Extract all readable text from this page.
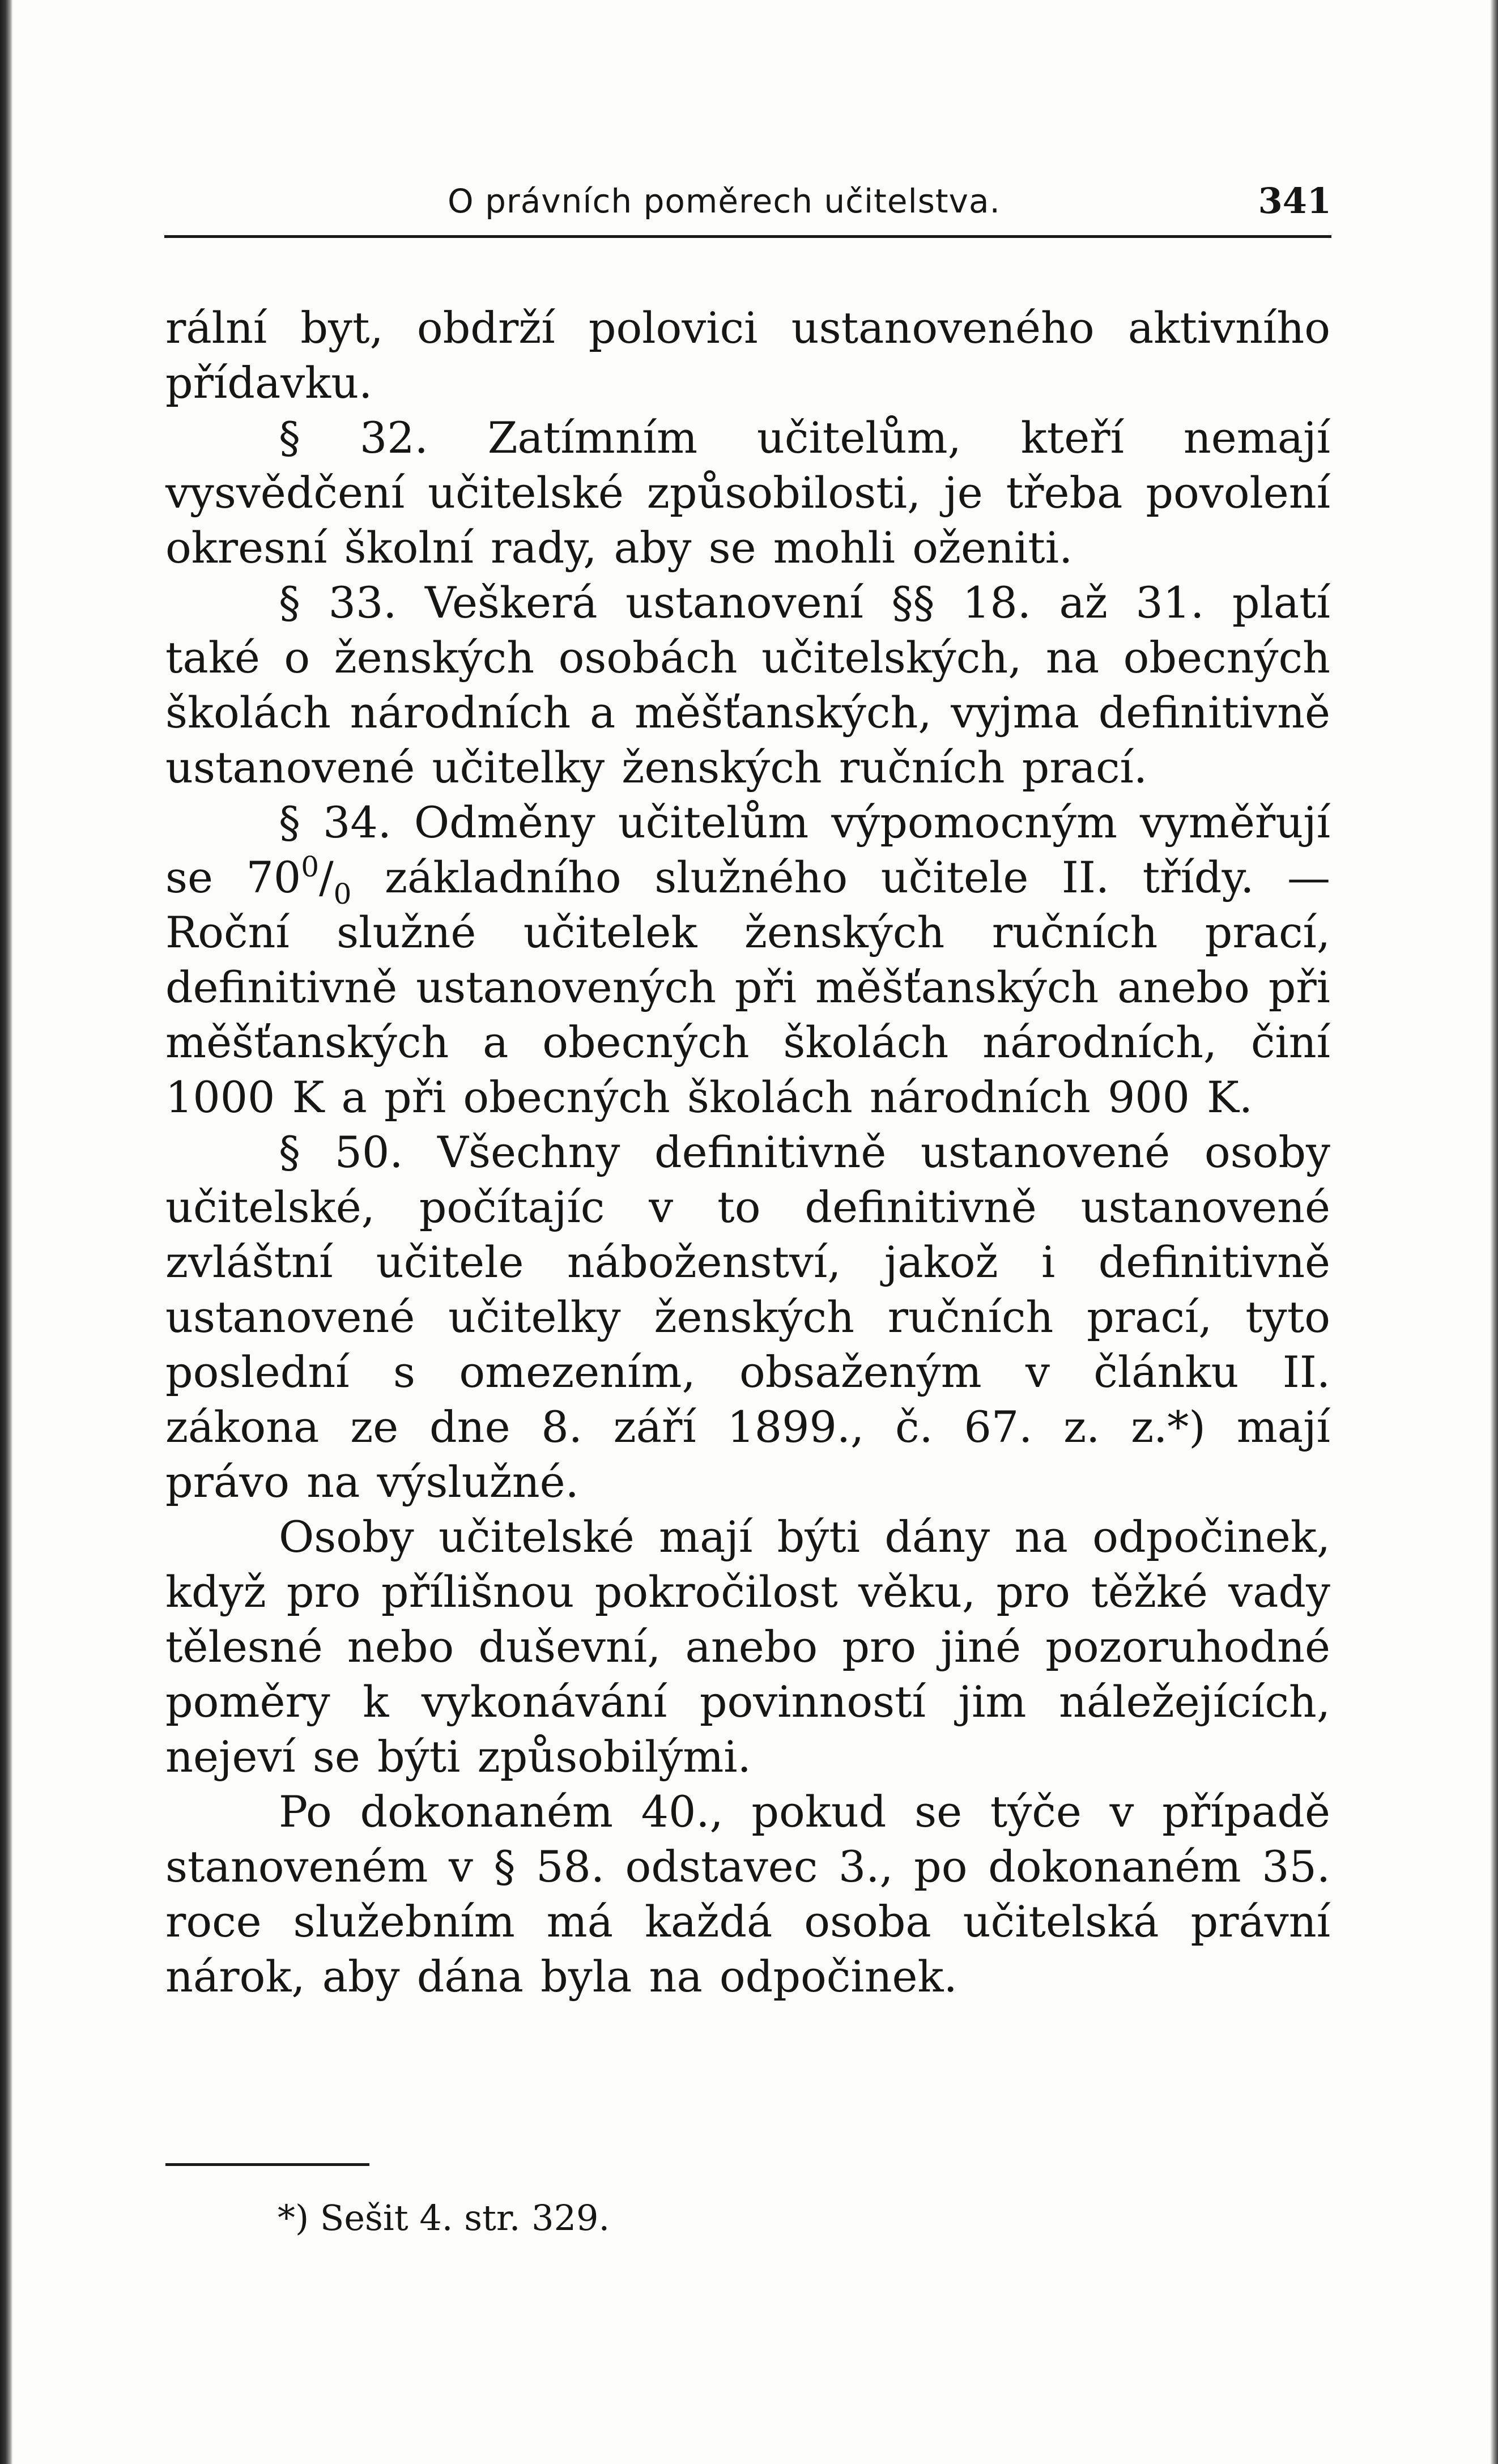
O právních poměrech učitelstva.	341

rální byt, obdrží polovici ustanoveného aktivního přídavku.

§ 32. Zatímním učitelům, kteří nemají vysvědčení učitelské způsobilosti, je třeba povolení okresní školní rady, aby se mohli oženiti.

§ 33. Veškerá ustanovení §§ 18. až 31. platí také o ženských osobách učitelských, na obecných školách národních a měšťanských, vyjma definitivně ustanovené učitelky ženských ručních prací.

§ 34. Odměny učitelům výpomocným vyměřují se $70^0/_0$ základního služného učitele II. třídy. — Roční služné učitelek ženských ručních prací, definitivně ustanovených při měšťanských anebo při měšťanských a obecných školách národních, činí 1000 K a při obecných školách národních 900 K.

§ 50. Všechny definitivně ustanovené osoby učitelské, počítajíc v to definitivně ustanovené zvláštní učitele náboženství, jakož i definitivně ustanovené učitelky ženských ručních prací, tyto poslední s omezením, obsaženým v článku II. zákona ze dne 8. září 1899., č. 67. z. z.*) mají právo na výslužné.

Osoby učitelské mají býti dány na odpočinek, když pro přílišnou pokročilost věku, pro těžké vady tělesné nebo duševní, anebo pro jiné pozoruhodné poměry k vykonávání povinností jim náležejících, nejeví se býti způsobilými.

Po dokonaném 40., pokud se týče v případě stanoveném v § 58. odstavec 3., po dokonaném 35. roce služebním má každá osoba učitelská právní nárok, aby dána byla na odpočinek.

*) Sešit 4. str. 329.
